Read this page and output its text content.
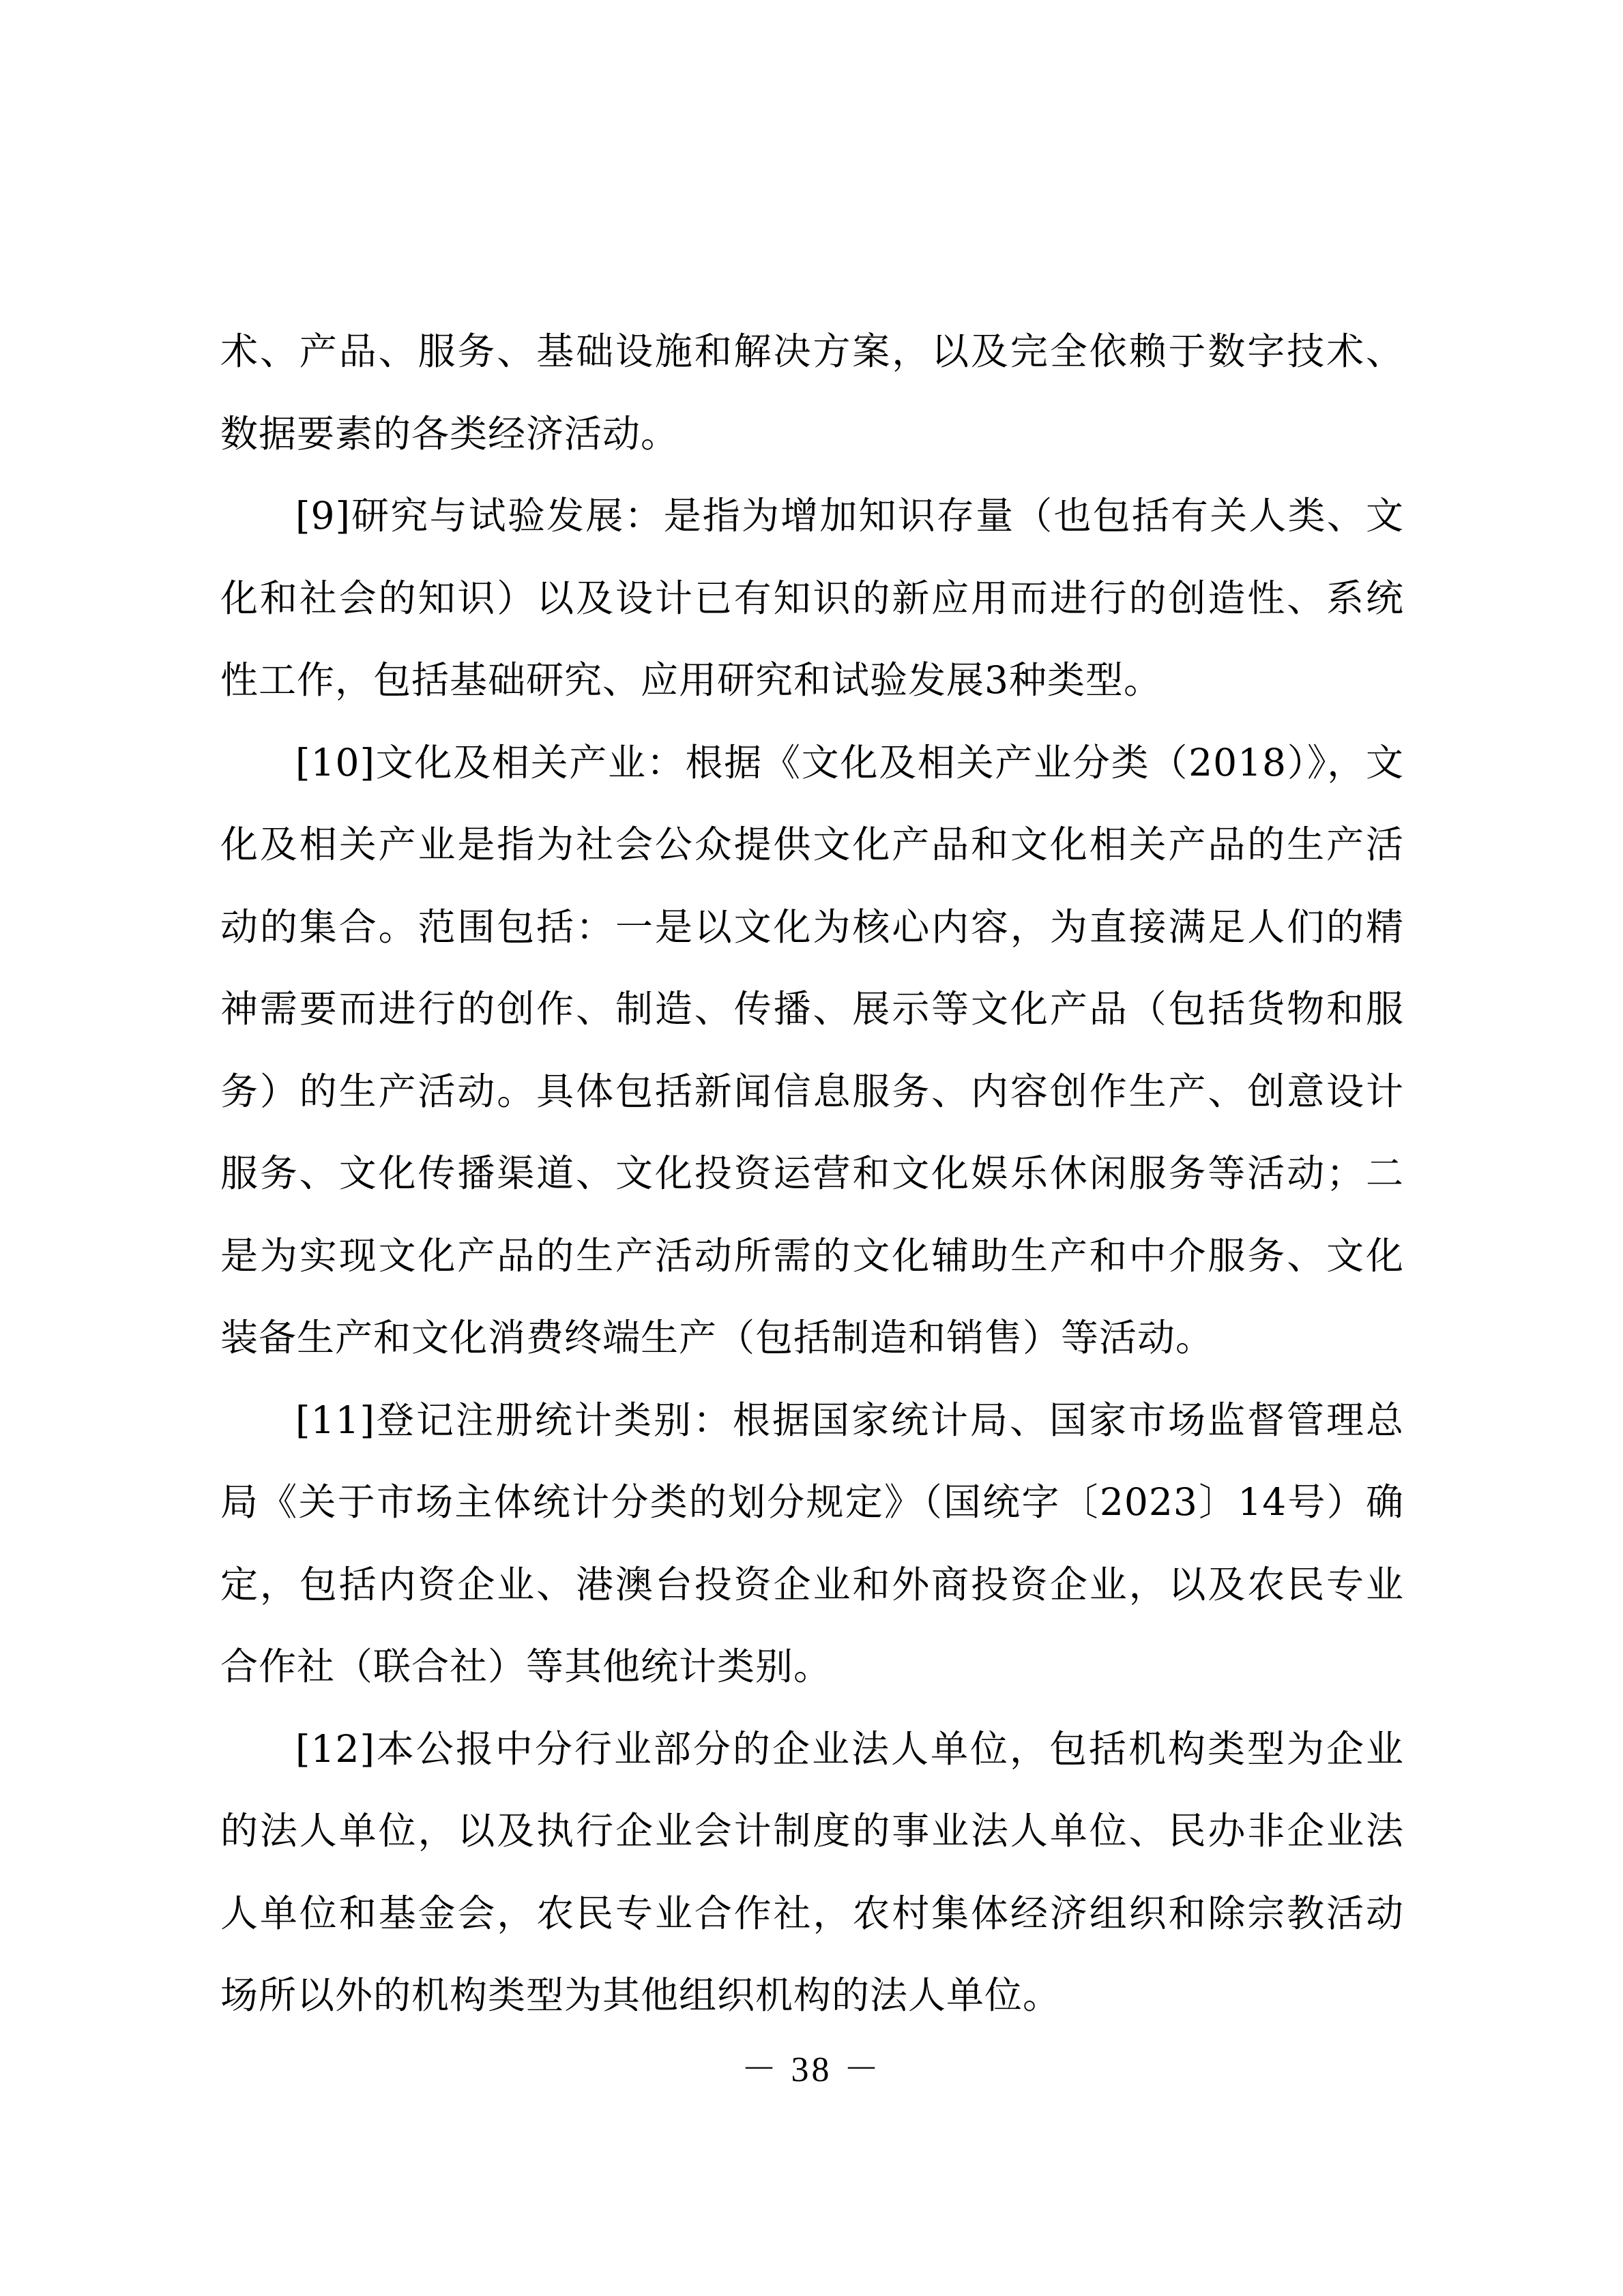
术、产品、服务、基础设施和解决方案，以及完全依赖于数字技术、数据要素的各类经济活动。

[9]研究与试验发展：是指为增加知识存量（也包括有关人类、文化和社会的知识）以及设计已有知识的新应用而进行的创造性、系统性工作，包括基础研究、应用研究和试验发展3种类型。

[10]文化及相关产业：根据《文化及相关产业分类（2018）》，文化及相关产业是指为社会公众提供文化产品和文化相关产品的生产活动的集合。范围包括：一是以文化为核心内容，为直接满足人们的精神需要而进行的创作、制造、传播、展示等文化产品（包括货物和服务）的生产活动。具体包括新闻信息服务、内容创作生产、创意设计服务、文化传播渠道、文化投资运营和文化娱乐休闲服务等活动；二是为实现文化产品的生产活动所需的文化辅助生产和中介服务、文化装备生产和文化消费终端生产（包括制造和销售）等活动。

[11]登记注册统计类别：根据国家统计局、国家市场监督管理总局《关于市场主体统计分类的划分规定》（国统字〔2023〕14号）确定，包括内资企业、港澳台投资企业和外商投资企业，以及农民专业合作社（联合社）等其他统计类别。

[12]本公报中分行业部分的企业法人单位，包括机构类型为企业的法人单位，以及执行企业会计制度的事业法人单位、民办非企业法人单位和基金会，农民专业合作社，农村集体经济组织和除宗教活动场所以外的机构类型为其他组织机构的法人单位。

－ 38 －
